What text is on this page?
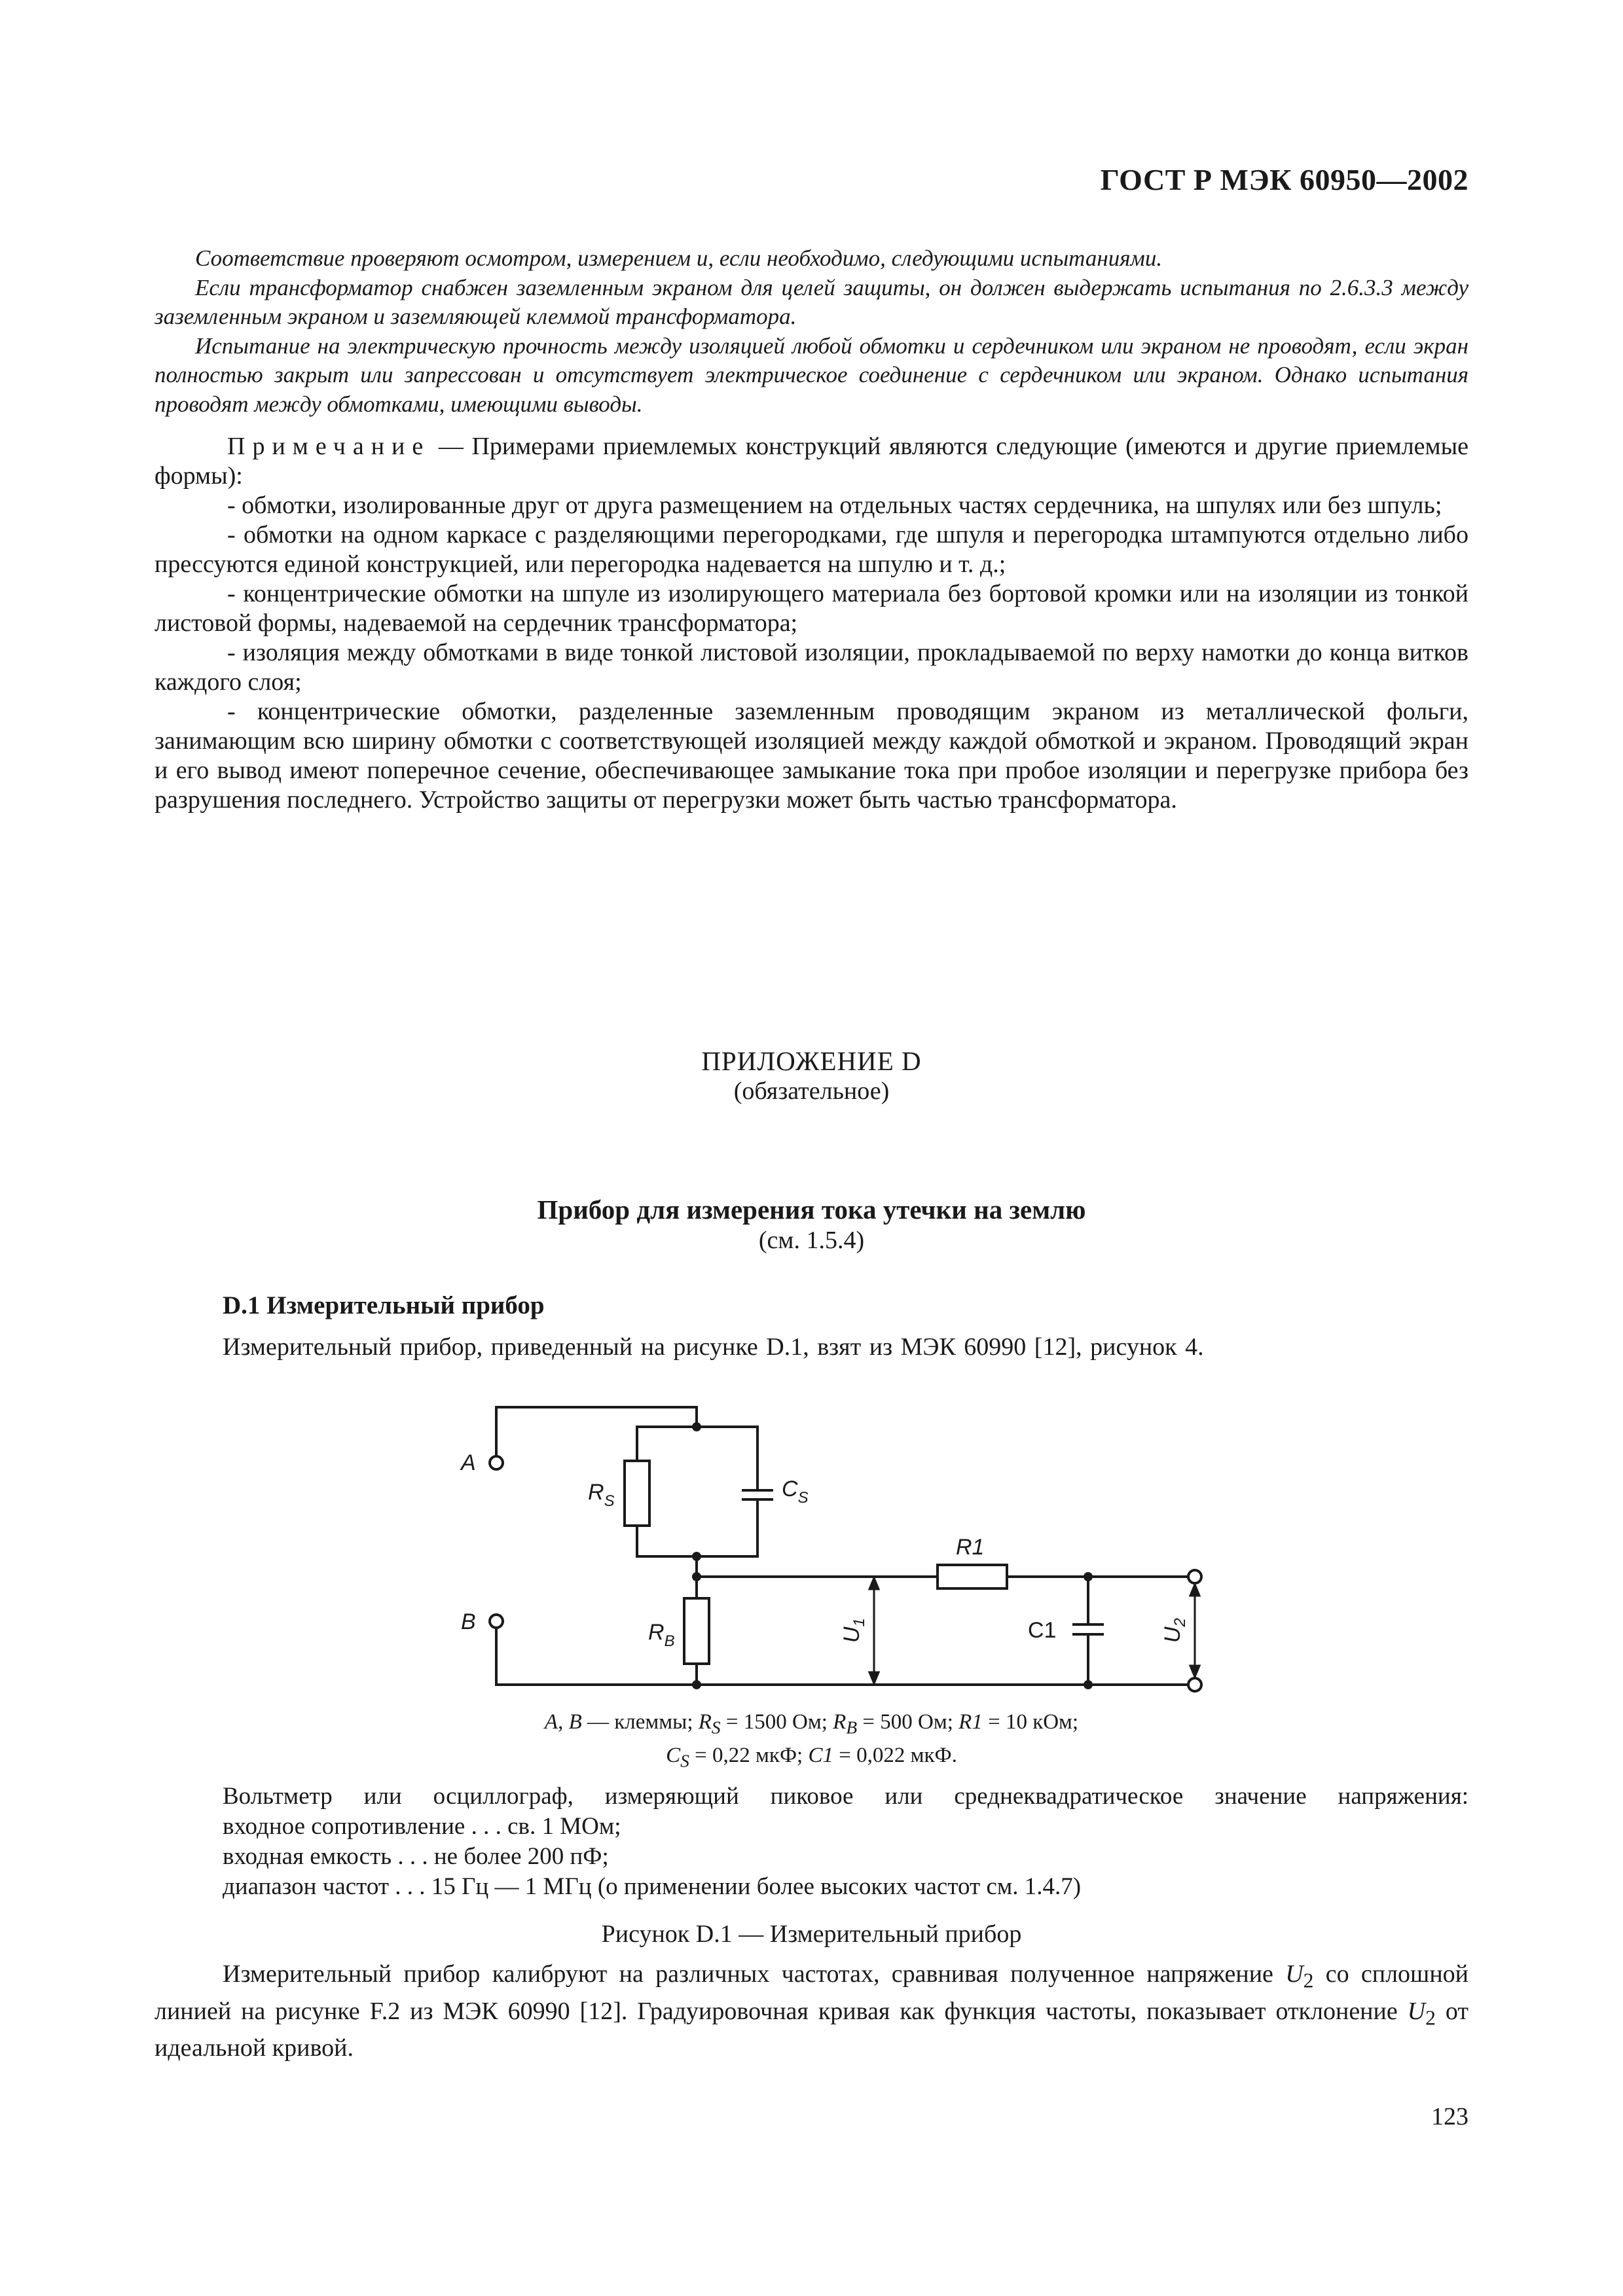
ГОСТ Р МЭК 60950—2002

Соответствие проверяют осмотром, измерением и, если необходимо, следующими испытаниями.

Если трансформатор снабжен заземленным экраном для целей защиты, он должен выдержать испытания по 2.6.3.3 между заземленным экраном и заземляющей клеммой трансформатора.

Испытание на электрическую прочность между изоляцией любой обмотки и сердечником или экраном не проводят, если экран полностью закрыт или запрессован и отсутствует электрическое соединение с сердечником или экраном. Однако испытания проводят между обмотками, имеющими выводы.

Примечание — Примерами приемлемых конструкций являются следующие (имеются и другие приемлемые формы):

- обмотки, изолированные друг от друга размещением на отдельных частях сердечника, на шпулях или без шпуль;

- обмотки на одном каркасе с разделяющими перегородками, где шпуля и перегородка штампуются отдельно либо прессуются единой конструкцией, или перегородка надевается на шпулю и т. д.;

- концентрические обмотки на шпуле из изолирующего материала без бортовой кромки или на изоляции из тонкой листовой формы, надеваемой на сердечник трансформатора;

- изоляция между обмотками в виде тонкой листовой изоляции, прокладываемой по верху намотки до конца витков каждого слоя;

- концентрические обмотки, разделенные заземленным проводящим экраном из металлической фольги, занимающим всю ширину обмотки с соответствующей изоляцией между каждой обмоткой и экраном. Проводящий экран и его вывод имеют поперечное сечение, обеспечивающее замыкание тока при пробое изоляции и перегрузке прибора без разрушения последнего. Устройство защиты от перегрузки может быть частью трансформатора.

ПРИЛОЖЕНИЕ D
(обязательное)
Прибор для измерения тока утечки на землю
(см. 1.5.4)
D.1 Измерительный прибор
Измерительный прибор, приведенный на рисунке D.1, взят из МЭК 60990 [12], рисунок 4.
A
B
$R_S$	$C_S$
$R_B$
R1
C1
$U_1$
$U_2$
A, B — клеммы; $R_S = 1500$ Ом; $R_B = 500$ Ом; R1 = 10 кОм;
$C_S = 0,22$ мкФ; C1 = 0,022 мкФ.
Вольтметр или осциллограф, измеряющий пиковое или среднеквадратическое значение напряжения:
входное сопротивление . . . св. 1 МОм;
входная емкость . . . не более 200 пФ;
диапазон частот . . . 15 Гц — 1 МГц (о применении более высоких частот см. 1.4.7)
Рисунок D.1 — Измерительный прибор

Измерительный прибор калибруют на различных частотах, сравнивая полученное напряжение $U_2$ со сплошной линией на рисунке F.2 из МЭК 60990 [12]. Градуировочная кривая как функция частоты, показывает отклонение $U_2$ от идеальной кривой.

123
